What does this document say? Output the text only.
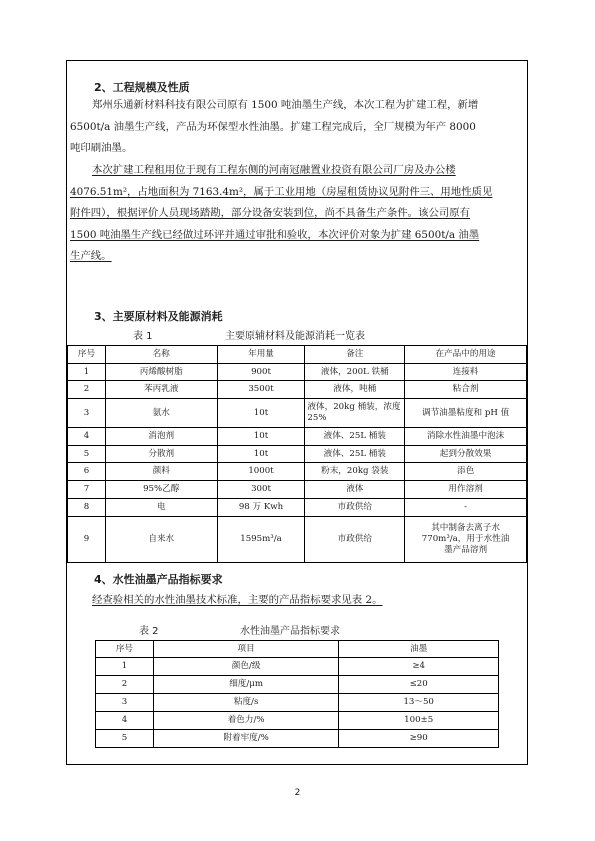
2、工程规模及性质
郑州乐通新材料科技有限公司原有 1500 吨油墨生产线，本次工程为扩建工程，新增
6500t/a 油墨生产线，产品为环保型水性油墨。扩建工程完成后，全厂规模为年产 8000
吨印刷油墨。
本次扩建工程租用位于现有工程东侧的河南冠融置业投资有限公司厂房及办公楼
4076.51m²，占地面积为 7163.4m²，属于工业用地（房屋租赁协议见附件三、用地性质见
附件四），根据评价人员现场踏勘，部分设备安装到位，尚不具备生产条件。该公司原有
1500 吨油墨生产线已经做过环评并通过审批和验收，本次评价对象为扩建 6500t/a 油墨
生产线。
3、主要原材料及能源消耗
表 1	主要原辅材料及能源消耗一览表
序号	名称	年用量	备注	在产品中的用途
1	丙烯酸树脂	900t	液体，200L 铁桶	连接料
2	苯丙乳液	3500t	液体，吨桶	粘合剂
3	氨水	10t	液体，20kg 桶装，浓度 25%	调节油墨粘度和 pH 值
4	消泡剂	10t	液体、25L 桶装	消除水性油墨中泡沫
5	分散剂	10t	液体、25L 桶装	起到分散效果
6	颜料	1000t	粉末，20kg 袋装	添色
7	95%乙醇	300t	液体	用作溶剂
8	电	98 万 Kwh	市政供给	-
9	自来水	1595m³/a	市政供给	其中制备去离子水 770m³/a，用于水性油墨产品溶剂
4、水性油墨产品指标要求
经查验相关的水性油墨技术标准，主要的产品指标要求见表 2。
表 2	水性油墨产品指标要求
序号	项目	油墨
1	颜色/级	≥4
2	细度/μm	≤20
3	粘度/s	13～50
4	着色力/%	100±5
5	附着牢度/%	≥90
2
